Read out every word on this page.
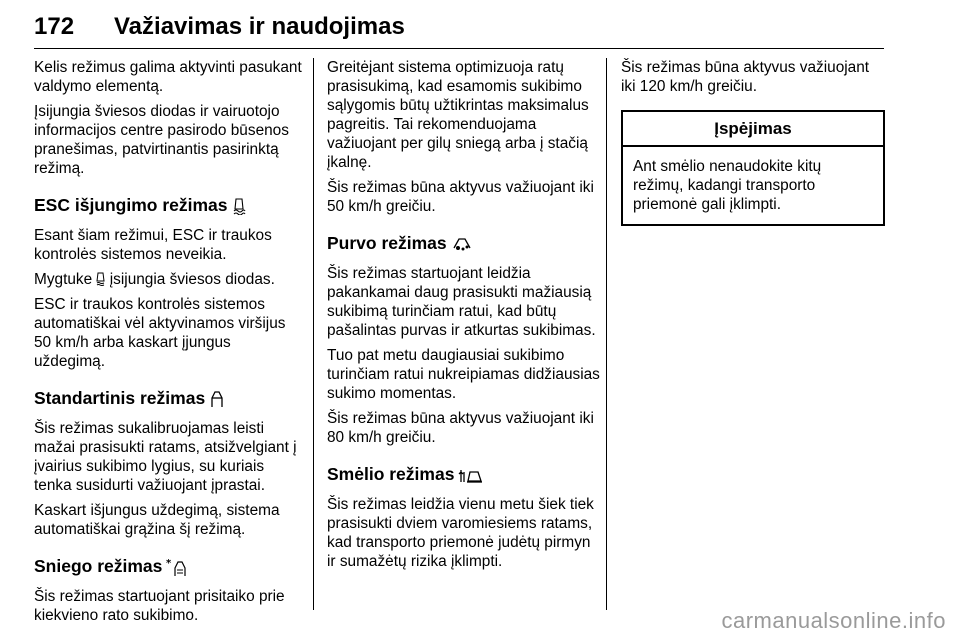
172 Važiavimas ir naudojimas

Kelis režimus galima aktyvinti pasukant valdymo elementą.

Įsijungia šviesos diodas ir vairuotojo informacijos centre pasirodo būsenos pranešimas, patvirtinantis pasirinktą režimą.

ESC išjungimo režimas

Esant šiam režimui, ESC ir traukos kontrolės sistemos neveikia.

Mygtuke įsijungia šviesos diodas.

ESC ir traukos kontrolės sistemos automatiškai vėl aktyvinamos viršijus 50 km/h arba kaskart įjungus uždegimą.

Standartinis režimas

Šis režimas sukalibruojamas leisti mažai prasisukti ratams, atsižvelgiant į įvairius sukibimo lygius, su kuriais tenka susidurti važiuojant įprastai.

Kaskart išjungus uždegimą, sistema automatiškai grąžina šį režimą.

Sniego režimas *

Šis režimas startuojant prisitaiko prie kiekvieno rato sukibimo.

Greitėjant sistema optimizuoja ratų prasisukimą, kad esamomis sukibimo sąlygomis būtų užtikrintas maksimalus pagreitis. Tai rekomenduojama važiuojant per gilų sniegą arba į stačią įkalnę.

Šis režimas būna aktyvus važiuojant iki 50 km/h greičiu.

Purvo režimas

Šis režimas startuojant leidžia pakankamai daug prasisukti mažiausią sukibimą turinčiam ratui, kad būtų pašalintas purvas ir atkurtas sukibimas.

Tuo pat metu daugiausiai sukibimo turinčiam ratui nukreipiamas didžiausias sukimo momentas.

Šis režimas būna aktyvus važiuojant iki 80 km/h greičiu.

Smėlio režimas

Šis režimas leidžia vienu metu šiek tiek prasisukti dviem varomiesiems ratams, kad transporto priemonė judėtų pirmyn ir sumažėtų rizika įklimpti.

Šis režimas būna aktyvus važiuojant iki 120 km/h greičiu.

Įspėjimas
Ant smėlio nenaudokite kitų režimų, kadangi transporto priemonė gali įklimpti.
carmanualsonline.info
